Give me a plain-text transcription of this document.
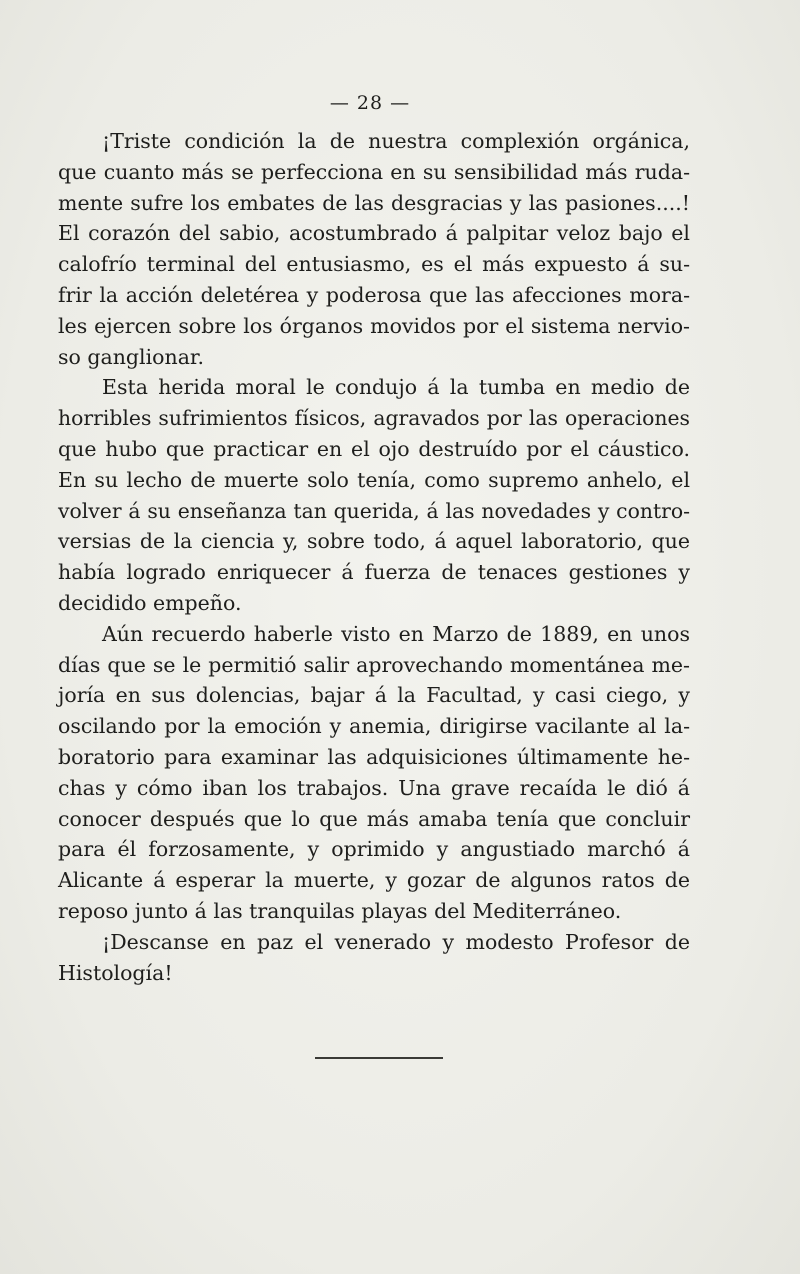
— 28 —
¡Triste condición la de nuestra complexión orgánica,
que cuanto más se perfecciona en su sensibilidad más ruda-
mente sufre los embates de las desgracias y las pasiones....!
El corazón del sabio, acostumbrado á palpitar veloz bajo el
calofrío terminal del entusiasmo, es el más expuesto á su-
frir la acción deletérea y poderosa que las afecciones mora-
les ejercen sobre los órganos movidos por el sistema nervio-
so ganglionar.
Esta herida moral le condujo á la tumba en medio de
horribles sufrimientos físicos, agravados por las operaciones
que hubo que practicar en el ojo destruído por el cáustico.
En su lecho de muerte solo tenía, como supremo anhelo, el
volver á su enseñanza tan querida, á las novedades y contro-
versias de la ciencia y, sobre todo, á aquel laboratorio, que
había logrado enriquecer á fuerza de tenaces gestiones y
decidido empeño.
Aún recuerdo haberle visto en Marzo de 1889, en unos
días que se le permitió salir aprovechando momentánea me-
joría en sus dolencias, bajar á la Facultad, y casi ciego, y
oscilando por la emoción y anemia, dirigirse vacilante al la-
boratorio para examinar las adquisiciones últimamente he-
chas y cómo iban los trabajos. Una grave recaída le dió á
conocer después que lo que más amaba tenía que concluir
para él forzosamente, y oprimido y angustiado marchó á
Alicante á esperar la muerte, y gozar de algunos ratos de
reposo junto á las tranquilas playas del Mediterráneo.
¡Descanse en paz el venerado y modesto Profesor de
Histología!
